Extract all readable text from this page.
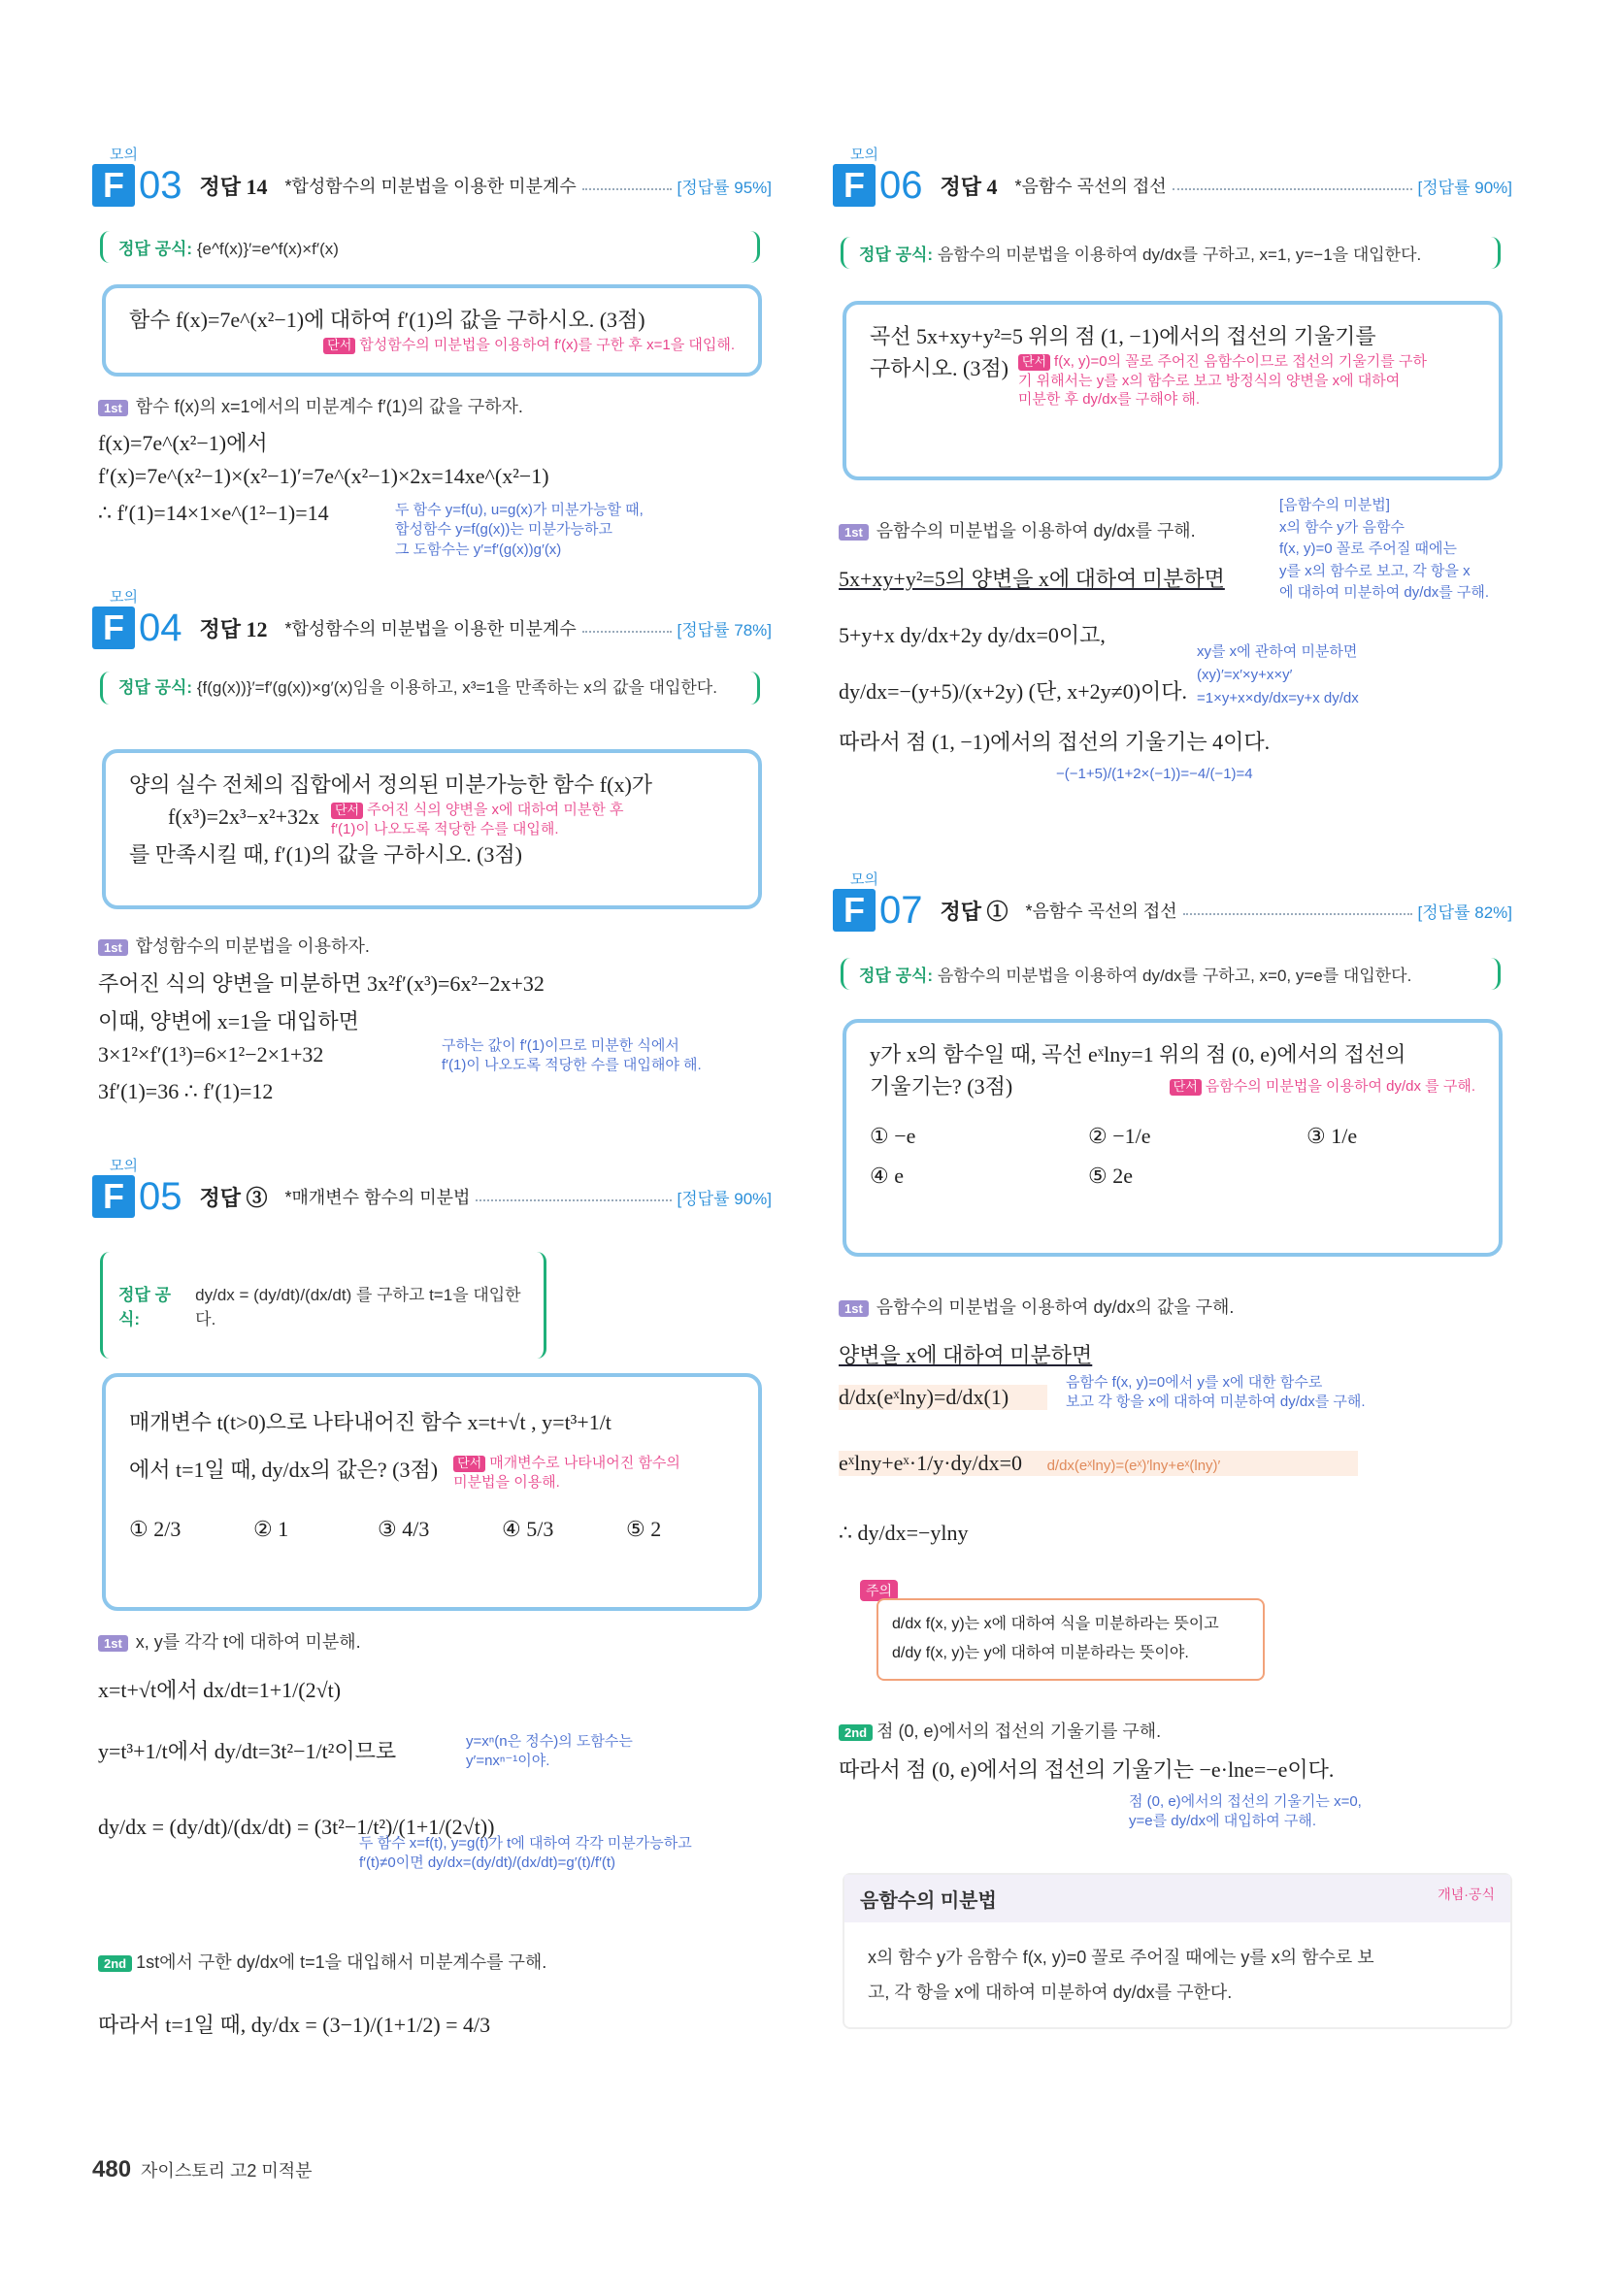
모의
F 03 정답 14 *합성함수의 미분법을 이용한 미분계수	[정답률 95%]
정답 공식: {e^f(x)}′=e^f(x)×f′(x)
함수 f(x)=7e^(x²−1)에 대하여 f′(1)의 값을 구하시오. (3점)
단서 합성함수의 미분법을 이용하여 f′(x)를 구한 후 x=1을 대입해.
1st 함수 f(x)의 x=1에서의 미분계수 f′(1)의 값을 구하자.
f(x)=7e^(x²−1)에서
f′(x)=7e^(x²−1)×(x²−1)′=7e^(x²−1)×2x=14xe^(x²−1)
∴ f′(1)=14×1×e^(1²−1)=14	두 함수 y=f(u), u=g(x)가 미분가능할 때,
합성함수 y=f(g(x))는 미분가능하고
그 도함수는 y′=f′(g(x))g′(x)
모의
F 04 정답 12 *합성함수의 미분법을 이용한 미분계수	[정답률 78%]
정답 공식: {f(g(x))}′=f′(g(x))×g′(x)임을 이용하고, x³=1을 만족하는 x의 값을 대입한다.
양의 실수 전체의 집합에서 정의된 미분가능한 함수 f(x)가
f(x³)=2x³−x²+32x	단서 주어진 식의 양변을 x에 대하여 미분한 후
f′(1)이 나오도록 적당한 수를 대입해.
를 만족시킬 때, f′(1)의 값을 구하시오. (3점)
1st 합성함수의 미분법을 이용하자.
주어진 식의 양변을 미분하면 3x²f′(x³)=6x²−2x+32
이때, 양변에 x=1을 대입하면
3×1²×f′(1³)=6×1²−2×1+32
3f′(1)=36 ∴ f′(1)=12
구하는 값이 f′(1)이므로 미분한 식에서
f′(1)이 나오도록 적당한 수를 대입해야 해.
모의
F 05 정답 ③ *매개변수 함수의 미분법	[정답률 90%]
정답 공식:
dy/dx = (dy/dt)/(dx/dt) 를 구하고 t=1을 대입한다.
매개변수 t(t>0)으로 나타내어진 함수 x=t+√t , y=t³+1/t
에서 t=1일 때, dy/dx의 값은? (3점)	단서 매개변수로 나타내어진 함수의
미분법을 이용해.
① 2/3	② 1	③ 4/3	④ 5/3	⑤ 2
1st x, y를 각각 t에 대하여 미분해.
x=t+√t에서 dx/dt=1+1/(2√t)
y=t³+1/t에서 dy/dt=3t²−1/t²이므로	y=xⁿ(n은 정수)의 도함수는
y′=nxⁿ⁻¹이야.
dy/dx = (dy/dt)/(dx/dt) = (3t²−1/t²)/(1+1/(2√t))
두 함수 x=f(t), y=g(t)가 t에 대하여 각각 미분가능하고
f′(t)≠0이면 dy/dx=(dy/dt)/(dx/dt)=g′(t)/f′(t)
2nd 1st에서 구한 dy/dx에 t=1을 대입해서 미분계수를 구해.
따라서 t=1일 때, dy/dx = (3−1)/(1+1/2) = 4/3
모의
F 06 정답 4 *음함수 곡선의 접선	[정답률 90%]
정답 공식: 음함수의 미분법을 이용하여 dy/dx를 구하고, x=1, y=−1을 대입한다.
곡선 5x+xy+y²=5 위의 점 (1, −1)에서의 접선의 기울기를
구하시오. (3점)	단서 f(x, y)=0의 꼴로 주어진 음함수이므로 접선의 기울기를 구하
기 위해서는 y를 x의 함수로 보고 방정식의 양변을 x에 대하여
미분한 후 dy/dx를 구해야 해.
1st 음함수의 미분법을 이용하여 dy/dx를 구해.
[음함수의 미분법]
x의 함수 y가 음함수
f(x, y)=0 꼴로 주어질 때에는
y를 x의 함수로 보고, 각 항을 x
에 대하여 미분하여 dy/dx를 구해.
5x+xy+y²=5의 양변을 x에 대하여 미분하면
5+y+x dy/dx+2y dy/dx=0이고,
xy를 x에 관하여 미분하면
(xy)′=x′×y+x×y′
=1×y+x×dy/dx=y+x dy/dx
dy/dx=−(y+5)/(x+2y) (단, x+2y≠0)이다.
따라서 점 (1, −1)에서의 접선의 기울기는 4이다.
−(−1+5)/(1+2×(−1))=−4/(−1)=4
모의
F 07 정답 ① *음함수 곡선의 접선	[정답률 82%]
정답 공식: 음함수의 미분법을 이용하여 dy/dx를 구하고, x=0, y=e를 대입한다.
y가 x의 함수일 때, 곡선 eˣlny=1 위의 점 (0, e)에서의 접선의
기울기는? (3점)	단서 음함수의 미분법을 이용하여 dy/dx 를 구해.
① −e	② −1/e	③ 1/e
④ e	⑤ 2e
1st 음함수의 미분법을 이용하여 dy/dx의 값을 구해.
양변을 x에 대하여 미분하면
음함수 f(x, y)=0에서 y를 x에 대한 함수로
보고 각 항을 x에 대하여 미분하여 dy/dx를 구해.
d/dx(eˣlny)=d/dx(1)
eˣlny+eˣ·1/y·dy/dx=0 d/dx(eˣlny)=(eˣ)′lny+eˣ(lny)′
∴ dy/dx=−ylny
주의
d/dx f(x, y)는 x에 대하여 식을 미분하라는 뜻이고
d/dy f(x, y)는 y에 대하여 미분하라는 뜻이야.
2nd 점 (0, e)에서의 접선의 기울기를 구해.
따라서 점 (0, e)에서의 접선의 기울기는 −e·lne=−e이다.
점 (0, e)에서의 접선의 기울기는 x=0,
y=e를 dy/dx에 대입하여 구해.
음함수의 미분법	개념·공식
x의 함수 y가 음함수 f(x, y)=0 꼴로 주어질 때에는 y를 x의 함수로 보
고, 각 항을 x에 대하여 미분하여 dy/dx를 구한다.
480 자이스토리 고2 미적분
